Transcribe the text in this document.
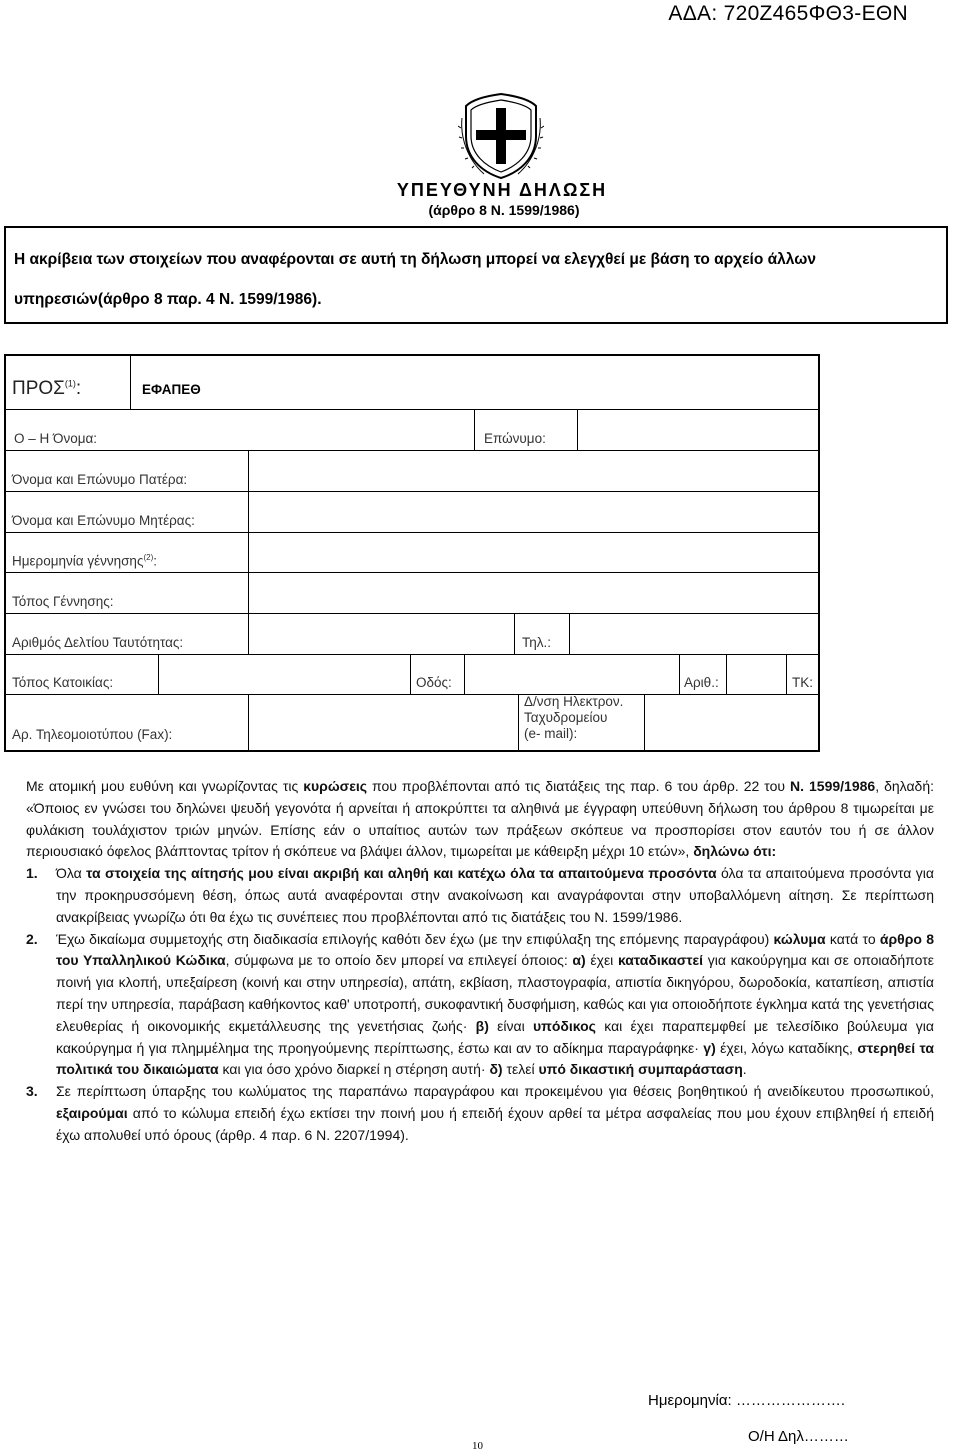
ΑΔΑ: 720Ζ465ΦΘ3-ΕΘΝ
ΥΠΕΥΘΥΝΗ ΔΗΛΩΣΗ
(άρθρο 8 Ν. 1599/1986)
Η ακρίβεια των στοιχείων που αναφέρονται σε αυτή τη δήλωση μπορεί να ελεγχθεί με βάση το αρχείο άλλων υπηρεσιών(άρθρο 8 παρ. 4 Ν. 1599/1986).
ΠΡΟΣ$^{(1)}$:	ΕΦΑΠΕΘ
Ο – Η Όνομα:	Επώνυμο:
Όνομα και Επώνυμο Πατέρα:
Όνομα και Επώνυμο Μητέρας:
Ημερομηνία γέννησης$^{(2)}$:
Τόπος Γέννησης:
Αριθμός Δελτίου Ταυτότητας:	Τηλ.:
Τόπος Κατοικίας:	Οδός:	Αριθ.:	ΤΚ:
Αρ. Τηλεομοιοτύπου (Fax):
Δ/νση Ηλεκτρον.
Ταχυδρομείου
(e- mail):

Με ατομική μου ευθύνη και γνωρίζοντας τις κυρώσεις που προβλέπονται από τις διατάξεις της παρ. 6 του άρθρ. 22 του Ν. 1599/1986, δηλαδή: «Όποιος εν γνώσει του δηλώνει ψευδή γεγονότα ή αρνείται ή αποκρύπτει τα αληθινά με έγγραφη υπεύθυνη δήλωση του άρθρου 8 τιμωρείται με φυλάκιση τουλάχιστον τριών μηνών. Επίσης εάν ο υπαίτιος αυτών των πράξεων σκόπευε να προσπορίσει στον εαυτόν του ή σε άλλον περιουσιακό όφελος βλάπτοντας τρίτον ή σκόπευε να βλάψει άλλον, τιμωρείται με κάθειρξη μέχρι 10 ετών», δηλώνω ότι:

1. Όλα τα στοιχεία της αίτησής μου είναι ακριβή και αληθή και κατέχω όλα τα απαιτούμενα προσόντα όλα τα απαιτούμενα προσόντα για την προκηρυσσόμενη θέση, όπως αυτά αναφέρονται στην ανακοίνωση και αναγράφονται στην υποβαλλόμενη αίτηση. Σε περίπτωση ανακρίβειας γνωρίζω ότι θα έχω τις συνέπειες που προβλέπονται από τις διατάξεις του Ν. 1599/1986.
2. Έχω δικαίωμα συμμετοχής στη διαδικασία επιλογής καθότι δεν έχω (με την επιφύλαξη της επόμενης παραγράφου) κώλυμα κατά το άρθρο 8 του Υπαλληλικού Κώδικα, σύμφωνα με το οποίο δεν μπορεί να επιλεγεί όποιος: α) έχει καταδικαστεί για κακούργημα και σε οποιαδήποτε ποινή για κλοπή, υπεξαίρεση (κοινή και στην υπηρεσία), απάτη, εκβίαση, πλαστογραφία, απιστία δικηγόρου, δωροδοκία, καταπίεση, απιστία περί την υπηρεσία, παράβαση καθήκοντος καθ' υποτροπή, συκοφαντική δυσφήμιση, καθώς και για οποιοδήποτε έγκλημα κατά της γενετήσιας ελευθερίας ή οικονομικής εκμετάλλευσης της γενετήσιας ζωής· β) είναι υπόδικος και έχει παραπεμφθεί με τελεσίδικο βούλευμα για κακούργημα ή για πλημμέλημα της προηγούμενης περίπτωσης, έστω και αν το αδίκημα παραγράφηκε· γ) έχει, λόγω καταδίκης, στερηθεί τα πολιτικά του δικαιώματα και για όσο χρόνο διαρκεί η στέρηση αυτή· δ) τελεί υπό δικαστική συμπαράσταση.
3. Σε περίπτωση ύπαρξης του κωλύματος της παραπάνω παραγράφου και προκειμένου για θέσεις βοηθητικού ή ανειδίκευτου προσωπικού, εξαιρούμαι από το κώλυμα επειδή έχω εκτίσει την ποινή μου ή επειδή έχουν αρθεί τα μέτρα ασφαλείας που μου έχουν επιβληθεί ή επειδή έχω απολυθεί υπό όρους (άρθρ. 4 παρ. 6 Ν. 2207/1994).
Ημερομηνία: ………………….
10
Ο/Η Δηλ………
